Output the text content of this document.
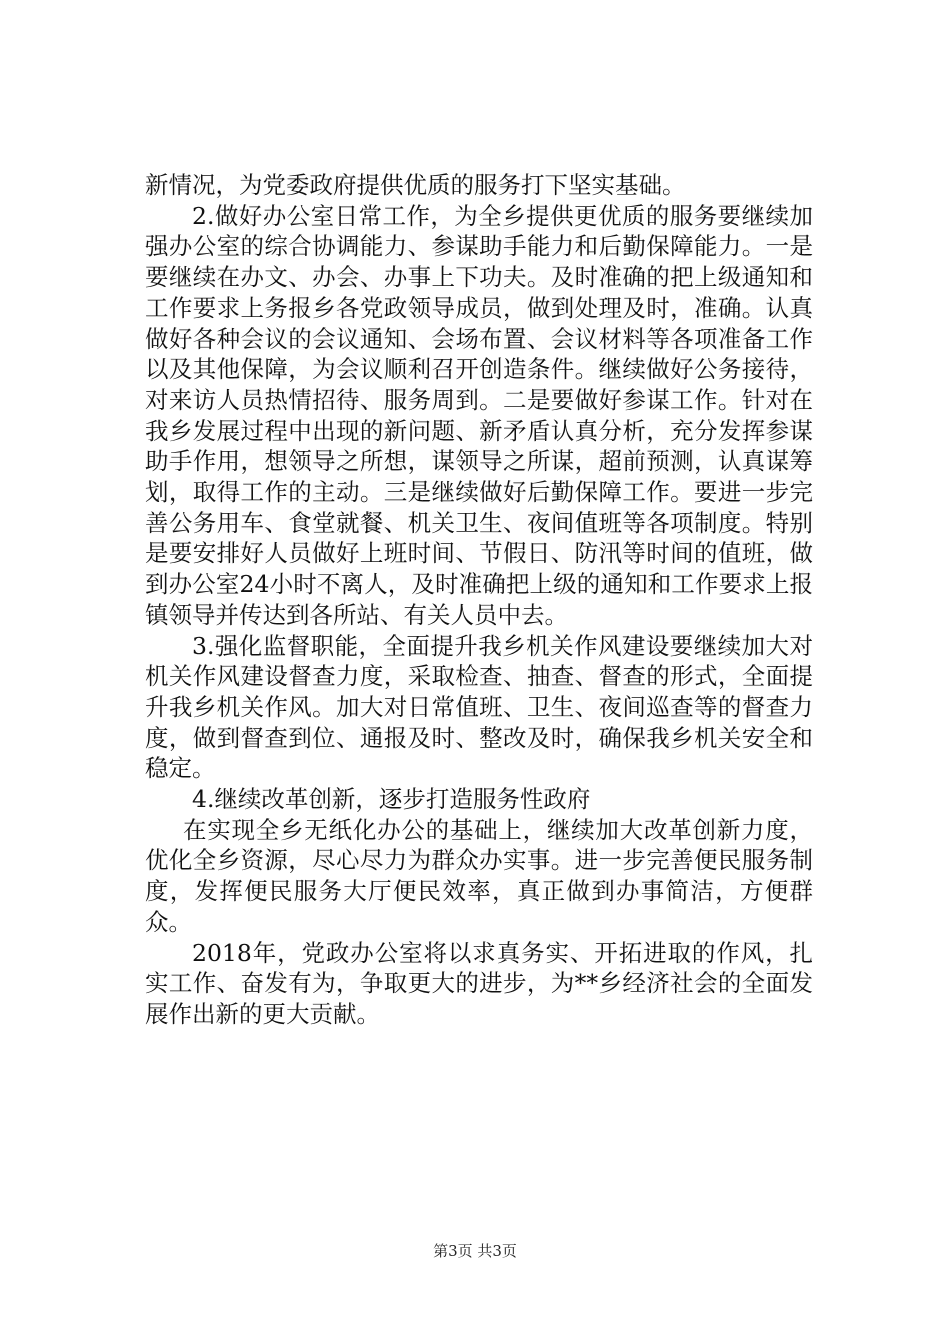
新情况，为党委政府提供优质的服务打下坚实基础。

2.做好办公室日常工作，为全乡提供更优质的服务要继续加强办公室的综合协调能力、参谋助手能力和后勤保障能力。一是要继续在办文、办会、办事上下功夫。及时准确的把上级通知和工作要求上务报乡各党政领导成员，做到处理及时，准确。认真做好各种会议的会议通知、会场布置、会议材料等各项准备工作以及其他保障，为会议顺利召开创造条件。继续做好公务接待，对来访人员热情招待、服务周到。二是要做好参谋工作。针对在我乡发展过程中出现的新问题、新矛盾认真分析，充分发挥参谋助手作用，想领导之所想，谋领导之所谋，超前预测，认真谋筹划，取得工作的主动。三是继续做好后勤保障工作。要进一步完善公务用车、食堂就餐、机关卫生、夜间值班等各项制度。特别是要安排好人员做好上班时间、节假日、防汛等时间的值班，做到办公室24小时不离人，及时准确把上级的通知和工作要求上报镇领导并传达到各所站、有关人员中去。

3.强化监督职能，全面提升我乡机关作风建设要继续加大对机关作风建设督查力度，采取检查、抽查、督查的形式，全面提升我乡机关作风。加大对日常值班、卫生、夜间巡查等的督查力度，做到督查到位、通报及时、整改及时，确保我乡机关安全和稳定。

4.继续改革创新，逐步打造服务性政府

在实现全乡无纸化办公的基础上，继续加大改革创新力度，优化全乡资源，尽心尽力为群众办实事。进一步完善便民服务制度，发挥便民服务大厅便民效率，真正做到办事简洁，方便群众。

2018年，党政办公室将以求真务实、开拓进取的作风，扎实工作、奋发有为，争取更大的进步，为**乡经济社会的全面发展作出新的更大贡献。

第3页 共3页
